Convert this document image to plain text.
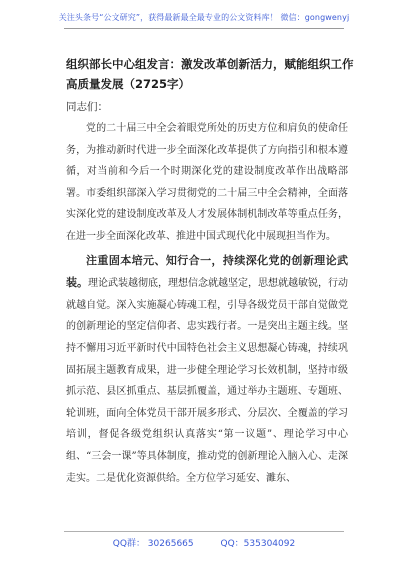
关注头条号“公文研究”，获得最新最全最专业的公文资料库！ 微信：gongwenyj
组织部长中心组发言：激发改革创新活力，赋能组织工作高质量发展（2725字）
同志们：

党的二十届三中全会着眼党所处的历史方位和肩负的使命任务，为推动新时代进一步全面深化改革提供了方向指引和根本遵循，对当前和今后一个时期深化党的建设制度改革作出战略部署。市委组织部深入学习贯彻党的二十届三中全会精神，全面落实深化党的建设制度改革及人才发展体制机制改革等重点任务，在进一步全面深化改革、推进中国式现代化中展现担当作为。

注重固本培元、知行合一，持续深化党的创新理论武装。理论武装越彻底，理想信念就越坚定，思想就越敏锐，行动就越自觉。深入实施凝心铸魂工程，引导各级党员干部自觉做党的创新理论的坚定信仰者、忠实践行者。一是突出主题主线。坚持不懈用习近平新时代中国特色社会主义思想凝心铸魂，持续巩固拓展主题教育成果，进一步健全理论学习长效机制，坚持市级抓示范、县区抓重点、基层抓覆盖，通过举办主题班、专题班、轮训班，面向全体党员干部开展多形式、分层次、全覆盖的学习培训，督促各级党组织认真落实“第一议题”、理论学习中心组、“三会一课”等具体制度，推动党的创新理论入脑入心、走深走实。二是优化资源供给。全方位学习延安、濉东、

QQ群： 30265665	QQ：535304092
